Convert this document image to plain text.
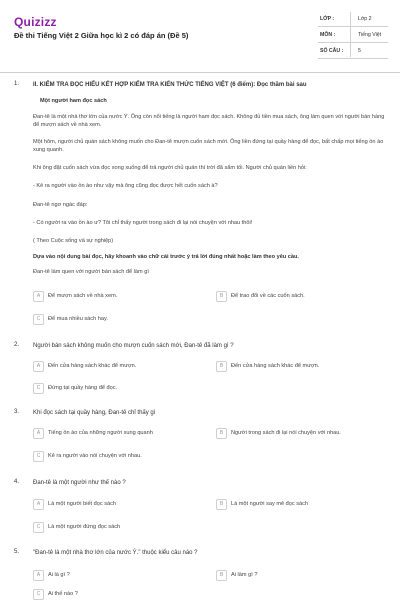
Quizizz
Đề thi Tiếng Việt 2 Giữa học kì 2 có đáp án (Đề 5)
LỚP :	Lớp 2
MÔN :	Tiếng Việt
SỐ CÂU :	5
1. II. KIỂM TRA ĐỌC HIỂU KẾT HỢP KIỂM TRA KIẾN THỨC TIẾNG VIỆT (6 điểm): Đọc thầm bài sau
Một người ham đọc sách
Đan-tê là một nhà thơ lớn của nước Ý. Ông còn nổi tiếng là người ham đọc sách. Không đủ tiền mua sách, ông làm quen với người bán hàng để mượn sách về nhà xem.
Một hôm, người chủ quán sách không muốn cho Đan-tê mượn cuốn sách mới. Ông liền đứng tại quầy hàng để đọc, bất chấp mọi tiếng ồn ào xung quanh.
Khi ông đặt cuốn sách vừa đọc xong xuống để trả người chủ quán thì trời đã sẩm tối. Người chủ quán liền hỏi:
- Kẻ ra người vào ồn ào như vậy mà ông cũng đọc được hết cuốn sách à?
Đan-tê ngơ ngác đáp:
- Có người ra vào ồn ào ư? Tôi chỉ thấy người trong sách đi lại nói chuyện với nhau thôi!
( Theo Cuộc sống và sự nghiệp)
Dựa vào nội dung bài đọc, hãy khoanh vào chữ cái trước ý trả lời đúng nhất hoặc làm theo yêu cầu.
Đan-tê làm quen với người bán sách để làm gì
A	Để mượn sách về nhà xem.	B	Để trao đổi về các cuốn sách.
C	Để mua nhiều sách hay.
2. Người bán sách không muốn cho mượn cuốn sách mới, Đan-tê đã làm gì ?
A	Đến cửa hàng sách khác để mượn.	B	Đến cửa hàng sách khác để mượn.
C	Đứng tại quầy hàng để đọc.
3. Khi đọc sách tại quầy hàng, Đan-tê chỉ thấy gì
A	Tiếng ồn ào của những người xung quanh	B	Người trong sách đi lại nói chuyện với nhau.
C	Kẻ ra người vào nói chuyện với nhau.
4. Đan-tê là một người như thế nào ?
A	Là một người biết đọc sách	B	Là một người say mê đọc sách
C	Là một người đứng đọc sách
5. "Đan-tê là một nhà thơ lớn của nước Ý." thuộc kiểu câu nào ?
A	Ai là gì ?	B	Ai làm gì ?
C	Ai thế nào ?
